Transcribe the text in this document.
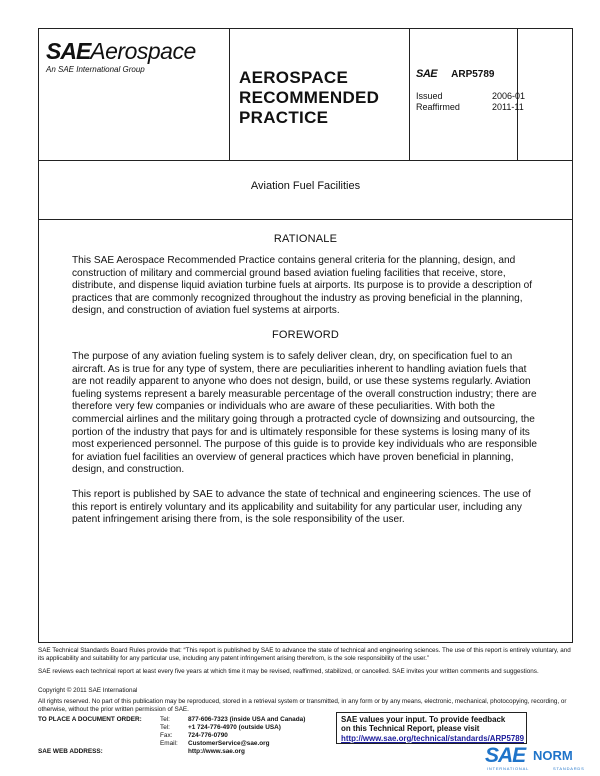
SAEAerospace
An SAE International Group	AEROSPACE
RECOMMENDED
PRACTICE
SAE ARP5789
Issued	2006-01
Reaffirmed	2011-11
Aviation Fuel Facilities
RATIONALE

This SAE Aerospace Recommended Practice contains general criteria for the planning, design, and construction of military and commercial ground based aviation fueling facilities that receive, store, distribute, and dispense liquid aviation turbine fuels at airports. Its purpose is to provide a description of practices that are commonly recognized throughout the industry as proving beneficial in the planning, design, and construction of aviation fuel systems at airports.

FOREWORD

The purpose of any aviation fueling system is to safely deliver clean, dry, on specification fuel to an aircraft. As is true for any type of system, there are peculiarities inherent to handling aviation fuels that are not readily apparent to anyone who does not design, build, or use these systems regularly. Aviation fueling systems represent a barely measurable percentage of the overall construction industry; there are therefore very few companies or individuals who are aware of these peculiarities. With both the commercial airlines and the military going through a protracted cycle of downsizing and outsourcing, the portion of the industry that pays for and is ultimately responsible for these systems is losing many of its most experienced personnel. The purpose of this guide is to provide key individuals who are responsible for aviation fuel facilities an overview of general practices which have proven beneficial in planning, design, and construction.

This report is published by SAE to advance the state of technical and engineering sciences. The use of this report is entirely voluntary and its applicability and suitability for any particular user, including any patent infringement arising there from, is the sole responsibility of the user.

SAE Technical Standards Board Rules provide that: “This report is published by SAE to advance the state of technical and engineering sciences. The use of this report is entirely voluntary, and its applicability and suitability for any particular use, including any patent infringement arising therefrom, is the sole responsibility of the user.”

SAE reviews each technical report at least every five years at which time it may be revised, reaffirmed, stabilized, or cancelled. SAE invites your written comments and suggestions.

Copyright © 2011 SAE International

All rights reserved. No part of this publication may be reproduced, stored in a retrieval system or transmitted, in any form or by any means, electronic, mechanical, photocopying, recording, or otherwise, without the prior written permission of SAE.

TO PLACE A DOCUMENT ORDER:	Tel:	877-606-7323 (inside USA and Canada)
Tel:	+1 724-776-4970 (outside USA)
Fax:	724-776-0790
Email:	CustomerService@sae.org
SAE WEB ADDRESS:	http://www.sae.org
SAE values your input. To provide feedback
on this Technical Report, please visit
http://www.sae.org/technical/standards/ARP5789
SAE NORM
INTERNATIONAL	STANDARDS
